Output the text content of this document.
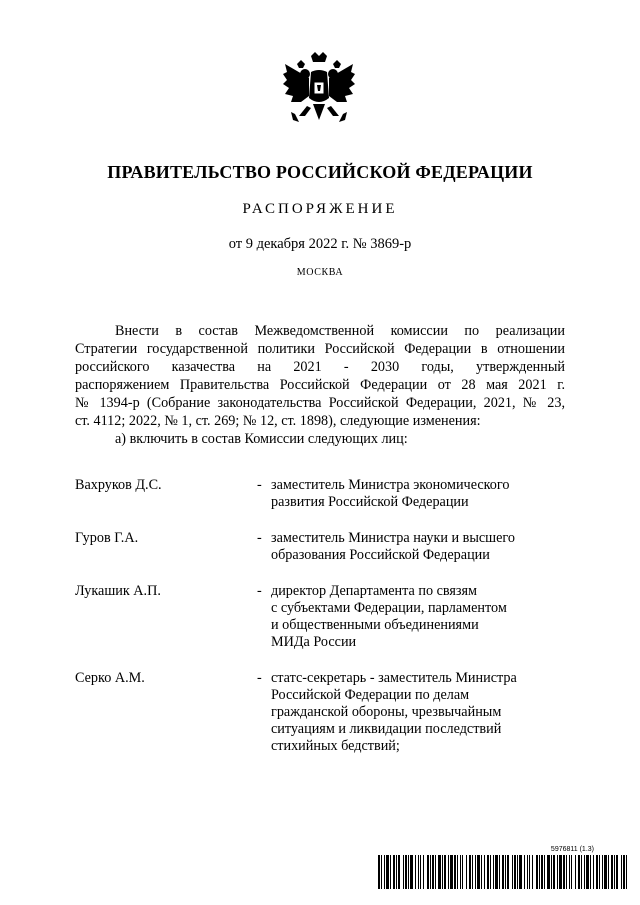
ПРАВИТЕЛЬСТВО РОССИЙСКОЙ ФЕДЕРАЦИИ
РАСПОРЯЖЕНИЕ
от 9 декабря 2022 г. № 3869-р
МОСКВА
Внести в состав Межведомственной комиссии по реализации
Стратегии государственной политики Российской Федерации в отношении
российского казачества на 2021 - 2030 годы, утвержденный
распоряжением Правительства Российской Федерации от 28 мая 2021 г.
№ 1394-р (Собрание законодательства Российской Федерации, 2021, № 23,
ст. 4112; 2022, № 1, ст. 269; № 12, ст. 1898), следующие изменения:

а) включить в состав Комиссии следующих лиц:

Вахруков Д.С.	- заместитель Министра экономического
развития Российской Федерации
Гуров Г.А.	- заместитель Министра науки и высшего
образования Российской Федерации
Лукашик А.П.	- директор Департамента по связям
с субъектами Федерации, парламентом
и общественными объединениями
МИДа России
Серко А.М.	- статс-секретарь - заместитель Министра
Российской Федерации по делам
гражданской обороны, чрезвычайным
ситуациям и ликвидации последствий
стихийных бедствий;
5976811 (1.3)
